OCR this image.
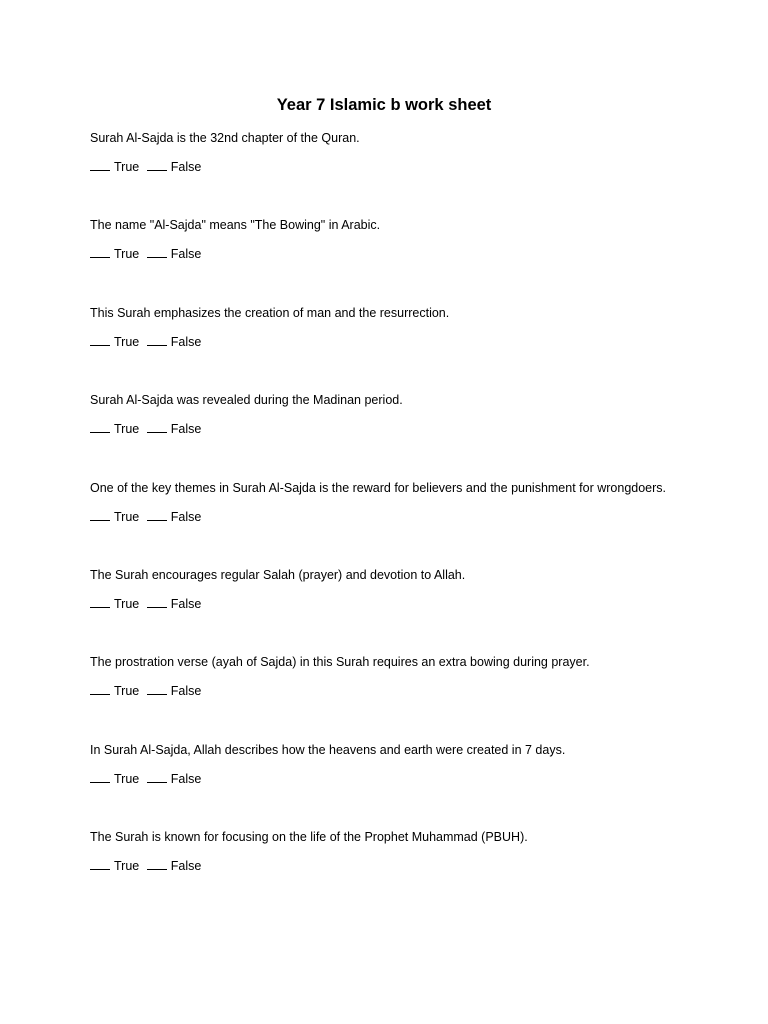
Year 7 Islamic b work sheet
Surah Al-Sajda is the 32nd chapter of the Quran.
True	False
The name "Al-Sajda" means "The Bowing" in Arabic.
True	False
This Surah emphasizes the creation of man and the resurrection.
True	False
Surah Al-Sajda was revealed during the Madinan period.
True	False
One of the key themes in Surah Al-Sajda is the reward for believers and the punishment for wrongdoers.
True	False
The Surah encourages regular Salah (prayer) and devotion to Allah.
True	False
The prostration verse (ayah of Sajda) in this Surah requires an extra bowing during prayer.
True	False
In Surah Al-Sajda, Allah describes how the heavens and earth were created in 7 days.
True	False
The Surah is known for focusing on the life of the Prophet Muhammad (PBUH).
True	False
